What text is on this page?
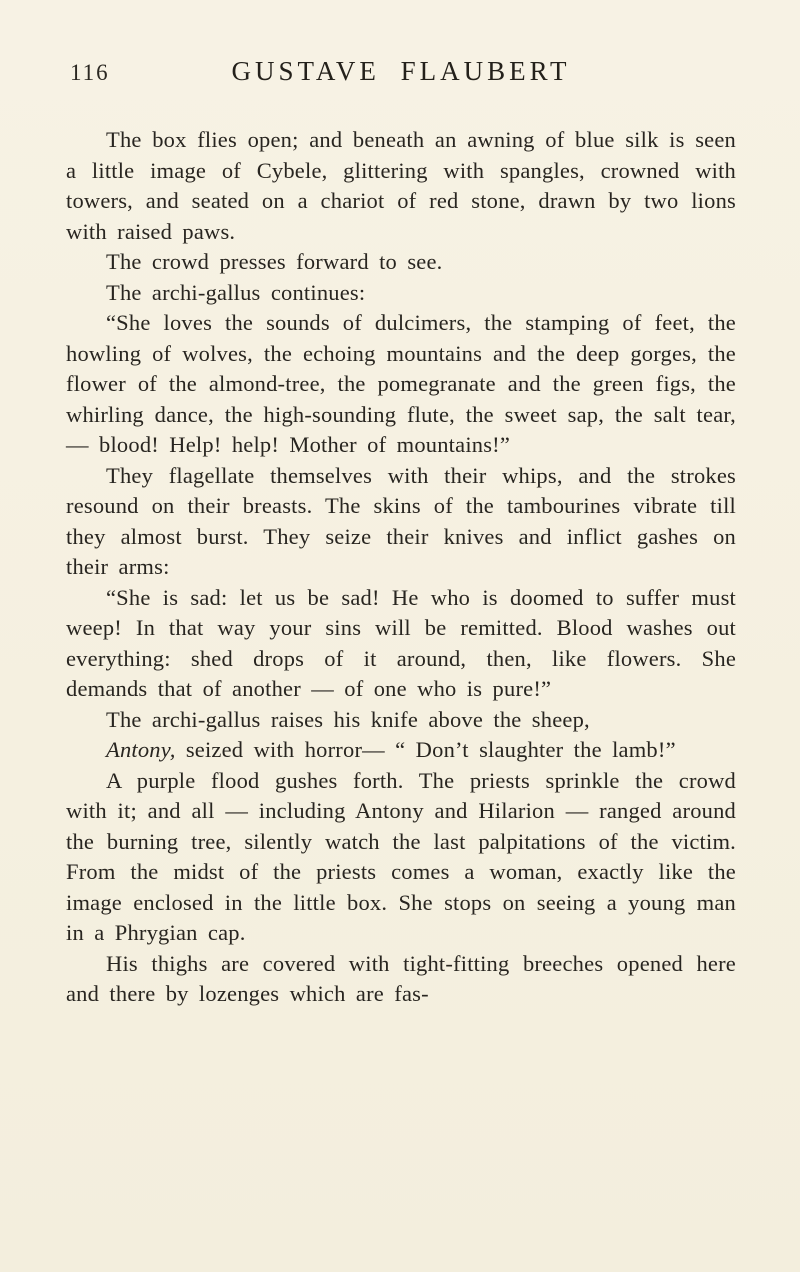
116	GUSTAVE FLAUBERT

The box flies open; and beneath an awning of blue silk is seen a little image of Cybele, glittering with spangles, crowned with towers, and seated on a chariot of red stone, drawn by two lions with raised paws.

The crowd presses forward to see.

The archi-gallus continues:

“She loves the sounds of dulcimers, the stamping of feet, the howling of wolves, the echoing mountains and the deep gorges, the flower of the almond-tree, the pomegranate and the green figs, the whirling dance, the high-sounding flute, the sweet sap, the salt tear,— blood! Help! help! Mother of mountains!”

They flagellate themselves with their whips, and the strokes resound on their breasts. The skins of the tambourines vibrate till they almost burst. They seize their knives and inflict gashes on their arms:

“She is sad: let us be sad! He who is doomed to suffer must weep! In that way your sins will be remitted. Blood washes out everything: shed drops of it around, then, like flowers. She demands that of another — of one who is pure!”

The archi-gallus raises his knife above the sheep,

Antony, seized with horror— “ Don’t slaughter the lamb!”

A purple flood gushes forth. The priests sprinkle the crowd with it; and all — including Antony and Hilarion — ranged around the burning tree, silently watch the last palpitations of the victim. From the midst of the priests comes a woman, exactly like the image enclosed in the little box. She stops on seeing a young man in a Phrygian cap.

His thighs are covered with tight-fitting breeches opened here and there by lozenges which are fas-
